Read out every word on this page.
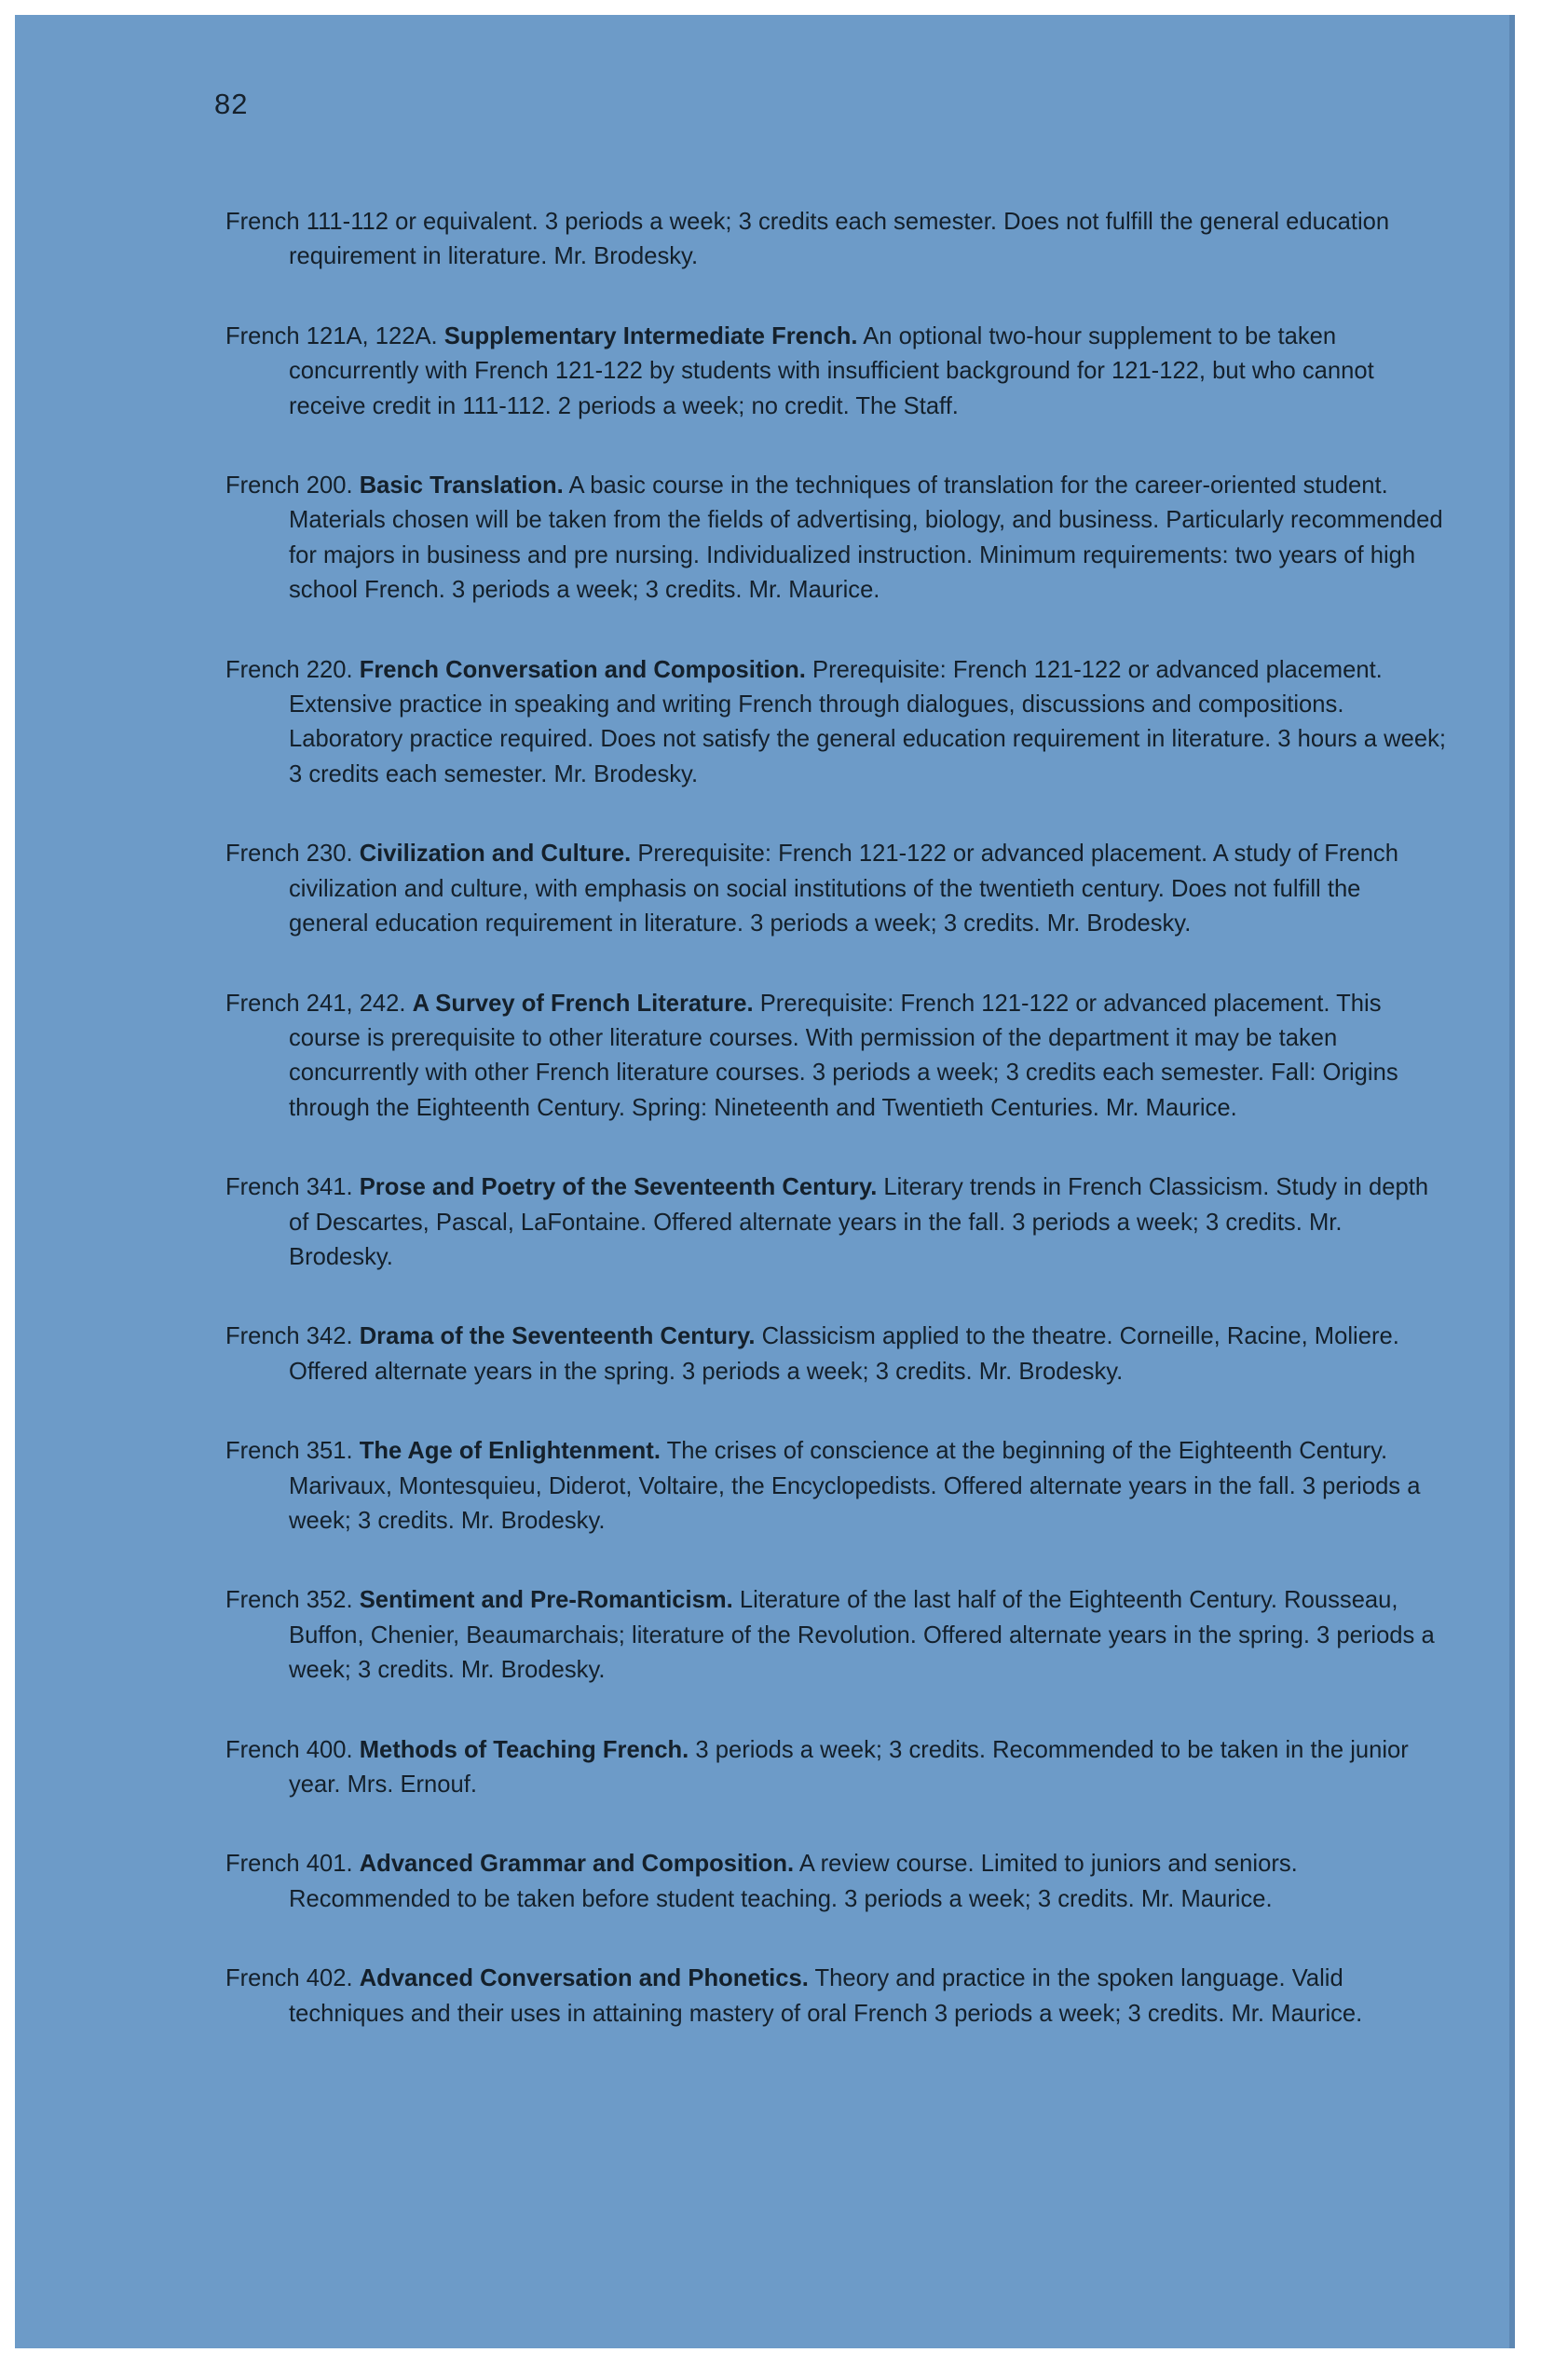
82

French 111-112 or equivalent. 3 periods a week; 3 credits each semester. Does not fulfill the general education requirement in literature. Mr. Brodesky.

French 121A, 122A. Supplementary Intermediate French. An optional two-hour supplement to be taken concurrently with French 121-122 by students with insufficient background for 121-122, but who cannot receive credit in 111-112. 2 periods a week; no credit. The Staff.

French 200. Basic Translation. A basic course in the techniques of translation for the career-oriented student. Materials chosen will be taken from the fields of advertising, biology, and business. Particularly recommended for majors in business and pre nursing. Individualized instruction. Minimum requirements: two years of high school French. 3 periods a week; 3 credits. Mr. Maurice.

French 220. French Conversation and Composition. Prerequisite: French 121-122 or advanced placement. Extensive practice in speaking and writing French through dialogues, discussions and compositions. Laboratory practice required. Does not satisfy the general education requirement in literature. 3 hours a week; 3 credits each semester. Mr. Brodesky.

French 230. Civilization and Culture. Prerequisite: French 121-122 or advanced placement. A study of French civilization and culture, with emphasis on social institutions of the twentieth century. Does not fulfill the general education requirement in literature. 3 periods a week; 3 credits. Mr. Brodesky.

French 241, 242. A Survey of French Literature. Prerequisite: French 121-122 or advanced placement. This course is prerequisite to other literature courses. With permission of the department it may be taken concurrently with other French literature courses. 3 periods a week; 3 credits each semester. Fall: Origins through the Eighteenth Century. Spring: Nineteenth and Twentieth Centuries. Mr. Maurice.

French 341. Prose and Poetry of the Seventeenth Century. Literary trends in French Classicism. Study in depth of Descartes, Pascal, LaFontaine. Offered alternate years in the fall. 3 periods a week; 3 credits. Mr. Brodesky.

French 342. Drama of the Seventeenth Century. Classicism applied to the theatre. Corneille, Racine, Moliere. Offered alternate years in the spring. 3 periods a week; 3 credits. Mr. Brodesky.

French 351. The Age of Enlightenment. The crises of conscience at the beginning of the Eighteenth Century. Marivaux, Montesquieu, Diderot, Voltaire, the Encyclopedists. Offered alternate years in the fall. 3 periods a week; 3 credits. Mr. Brodesky.

French 352. Sentiment and Pre-Romanticism. Literature of the last half of the Eighteenth Century. Rousseau, Buffon, Chenier, Beaumarchais; literature of the Revolution. Offered alternate years in the spring. 3 periods a week; 3 credits. Mr. Brodesky.

French 400. Methods of Teaching French. 3 periods a week; 3 credits. Recommended to be taken in the junior year. Mrs. Ernouf.

French 401. Advanced Grammar and Composition. A review course. Limited to juniors and seniors. Recommended to be taken before student teaching. 3 periods a week; 3 credits. Mr. Maurice.

French 402. Advanced Conversation and Phonetics. Theory and practice in the spoken language. Valid techniques and their uses in attaining mastery of oral French 3 periods a week; 3 credits. Mr. Maurice.
